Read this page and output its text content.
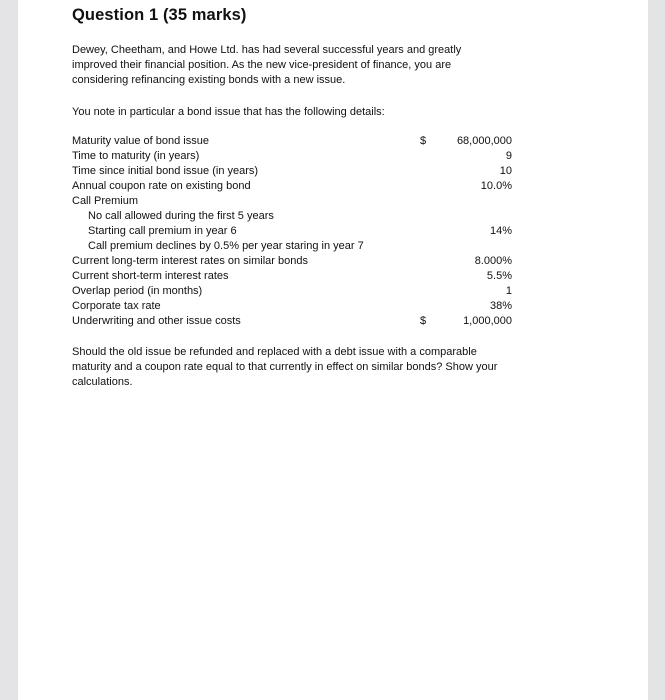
Question 1 (35 marks)
Dewey, Cheetham, and Howe Ltd. has had several successful years and greatly improved their financial position. As the new vice-president of finance, you are considering refinancing existing bonds with a new issue.
You note in particular a bond issue that has the following details:
Maturity value of bond issue	$	68,000,000
Time to maturity (in years)	9
Time since initial bond issue (in years)	10
Annual coupon rate on existing bond	10.0%
Call Premium
No call allowed during the first 5 years
Starting call premium in year 6	14%
Call premium declines by 0.5% per year staring in year 7
Current long-term interest rates on similar bonds	8.000%
Current short-term interest rates	5.5%
Overlap period (in months)	1
Corporate tax rate	38%
Underwriting and other issue costs	$	1,000,000
Should the old issue be refunded and replaced with a debt issue with a comparable maturity and a coupon rate equal to that currently in effect on similar bonds? Show your calculations.
